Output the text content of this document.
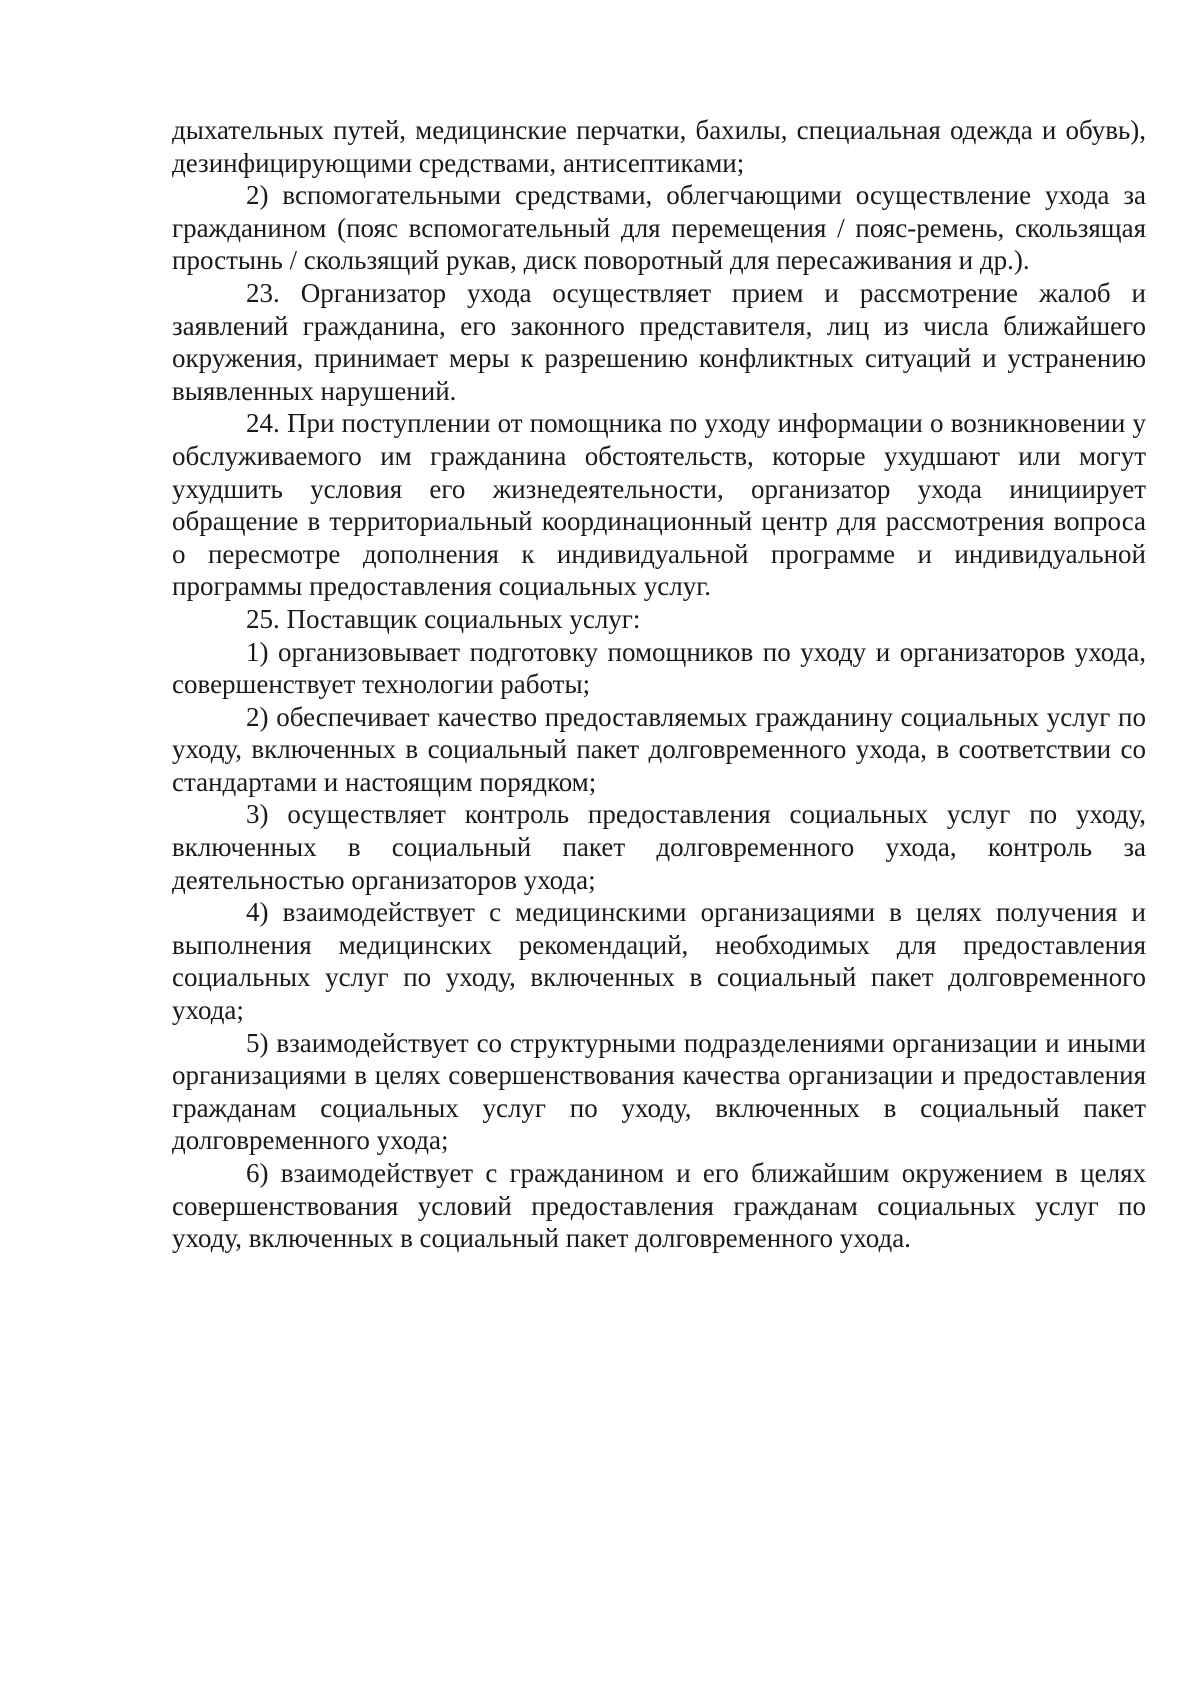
дыхательных путей, медицинские перчатки, бахилы, специальная одежда и обувь), дезинфицирующими средствами, антисептиками;

2) вспомогательными средствами, облегчающими осуществление ухода за гражданином (пояс вспомогательный для перемещения / пояс-ремень, скользящая простынь / скользящий рукав, диск поворотный для пересаживания и др.).

23. Организатор ухода осуществляет прием и рассмотрение жалоб и заявлений гражданина, его законного представителя, лиц из числа ближайшего окружения, принимает меры к разрешению конфликтных ситуаций и устранению выявленных нарушений.

24. При поступлении от помощника по уходу информации о возникновении у обслуживаемого им гражданина обстоятельств, которые ухудшают или могут ухудшить условия его жизнедеятельности, организатор ухода инициирует обращение в территориальный координационный центр для рассмотрения вопроса о пересмотре дополнения к индивидуальной программе и индивидуальной программы предоставления социальных услуг.

25. Поставщик социальных услуг:

1) организовывает подготовку помощников по уходу и организаторов ухода, совершенствует технологии работы;

2) обеспечивает качество предоставляемых гражданину социальных услуг по уходу, включенных в социальный пакет долговременного ухода, в соответствии со стандартами и настоящим порядком;

3) осуществляет контроль предоставления социальных услуг по уходу, включенных в социальный пакет долговременного ухода, контроль за деятельностью организаторов ухода;

4) взаимодействует с медицинскими организациями в целях получения и выполнения медицинских рекомендаций, необходимых для предоставления социальных услуг по уходу, включенных в социальный пакет долговременного ухода;

5) взаимодействует со структурными подразделениями организации и иными организациями в целях совершенствования качества организации и предоставления гражданам социальных услуг по уходу, включенных в социальный пакет долговременного ухода;

6) взаимодействует с гражданином и его ближайшим окружением в целях совершенствования условий предоставления гражданам социальных услуг по уходу, включенных в социальный пакет долговременного ухода.
